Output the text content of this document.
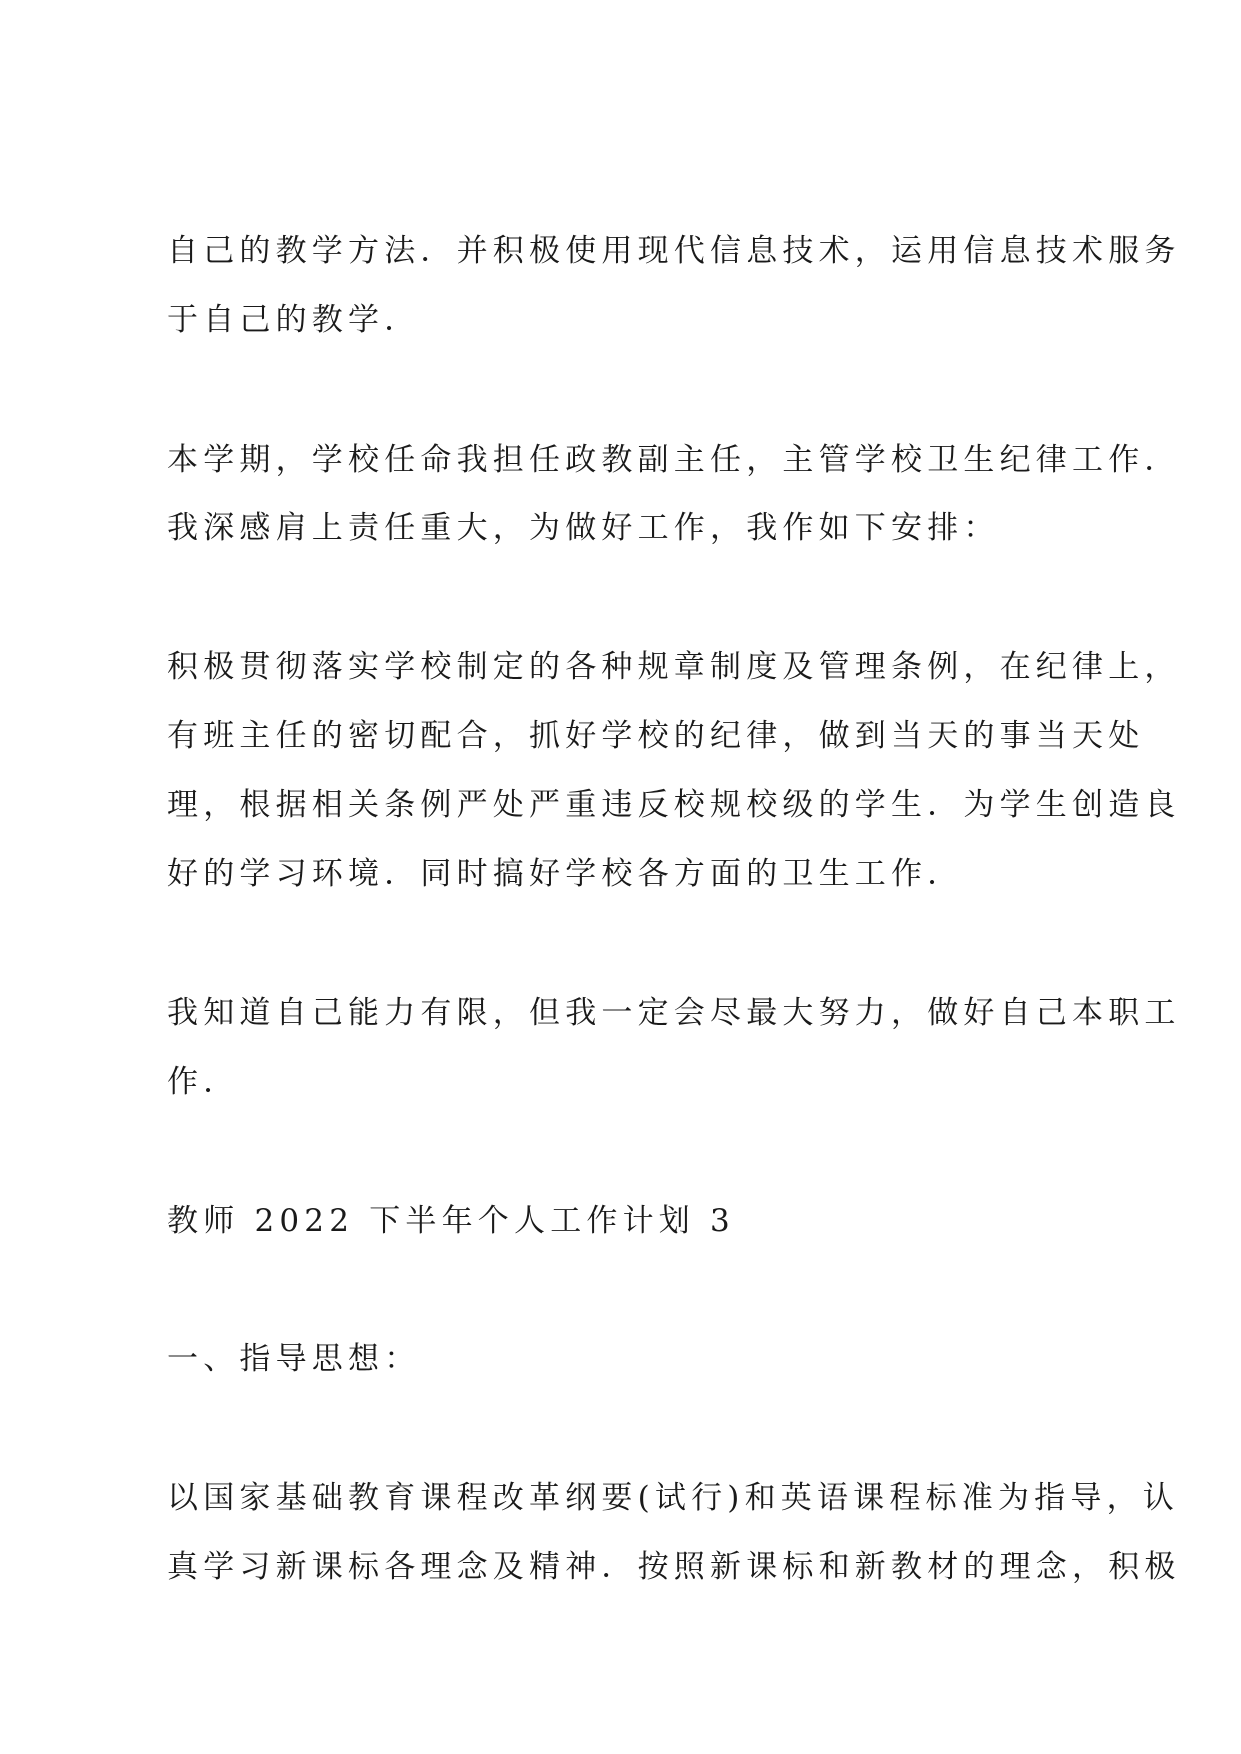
自己的教学方法．并积极使用现代信息技术，运用信息技术服务
于自己的教学．
本学期，学校任命我担任政教副主任，主管学校卫生纪律工作．
我深感肩上责任重大，为做好工作，我作如下安排：
积极贯彻落实学校制定的各种规章制度及管理条例，在纪律上，
有班主任的密切配合，抓好学校的纪律，做到当天的事当天处
理，根据相关条例严处严重违反校规校级的学生．为学生创造良
好的学习环境．同时搞好学校各方面的卫生工作．
我知道自己能力有限，但我一定会尽最大努力，做好自己本职工
作．
教师 2022 下半年个人工作计划 3
一、指导思想：
以国家基础教育课程改革纲要(试行)和英语课程标准为指导，认
真学习新课标各理念及精神．按照新课标和新教材的理念，积极
